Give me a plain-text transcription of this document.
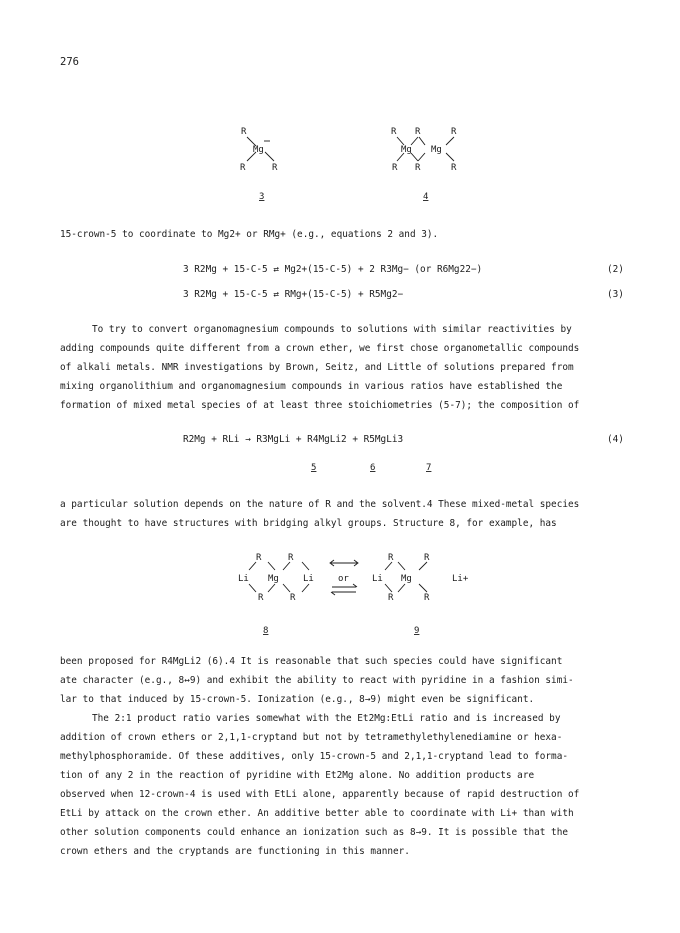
276
R
Mg
R	R
3
R R	R
Mg Mg
R R	R
4
5	6	7
R	R
Li Mg	Li
R	R
or
R	R
Li Mg
R	R
Li+
8	9
15-crown-5 to coordinate to Mg2+ or RMg+ (e.g., equations 2 and 3).
3 R2Mg + 15-C-5 ⇄ Mg2+(15-C-5) + 2 R3Mg− (or R6Mg22−)	(2)
3 R2Mg + 15-C-5 ⇄ RMg+(15-C-5) + R5Mg2−	(3)
To try to convert organomagnesium compounds to solutions with similar reactivities by
adding compounds quite different from a crown ether, we first chose organometallic compounds
of alkali metals. NMR investigations by Brown, Seitz, and Little of solutions prepared from
mixing organolithium and organomagnesium compounds in various ratios have established the
formation of mixed metal species of at least three stoichiometries (5-7); the composition of
R2Mg + RLi → R3MgLi + R4MgLi2 + R5MgLi3	(4)
a particular solution depends on the nature of R and the solvent.4 These mixed-metal species
are thought to have structures with bridging alkyl groups. Structure 8, for example, has
been proposed for R4MgLi2 (6).4 It is reasonable that such species could have significant
ate character (e.g., 8↔9) and exhibit the ability to react with pyridine in a fashion simi-
lar to that induced by 15-crown-5. Ionization (e.g., 8→9) might even be significant.
The 2:1 product ratio varies somewhat with the Et2Mg:EtLi ratio and is increased by
addition of crown ethers or 2,1,1-cryptand but not by tetramethylethylenediamine or hexa-
methylphosphoramide. Of these additives, only 15-crown-5 and 2,1,1-cryptand lead to forma-
tion of any 2 in the reaction of pyridine with Et2Mg alone. No addition products are
observed when 12-crown-4 is used with EtLi alone, apparently because of rapid destruction of
EtLi by attack on the crown ether. An additive better able to coordinate with Li+ than with
other solution components could enhance an ionization such as 8→9. It is possible that the
crown ethers and the cryptands are functioning in this manner.
